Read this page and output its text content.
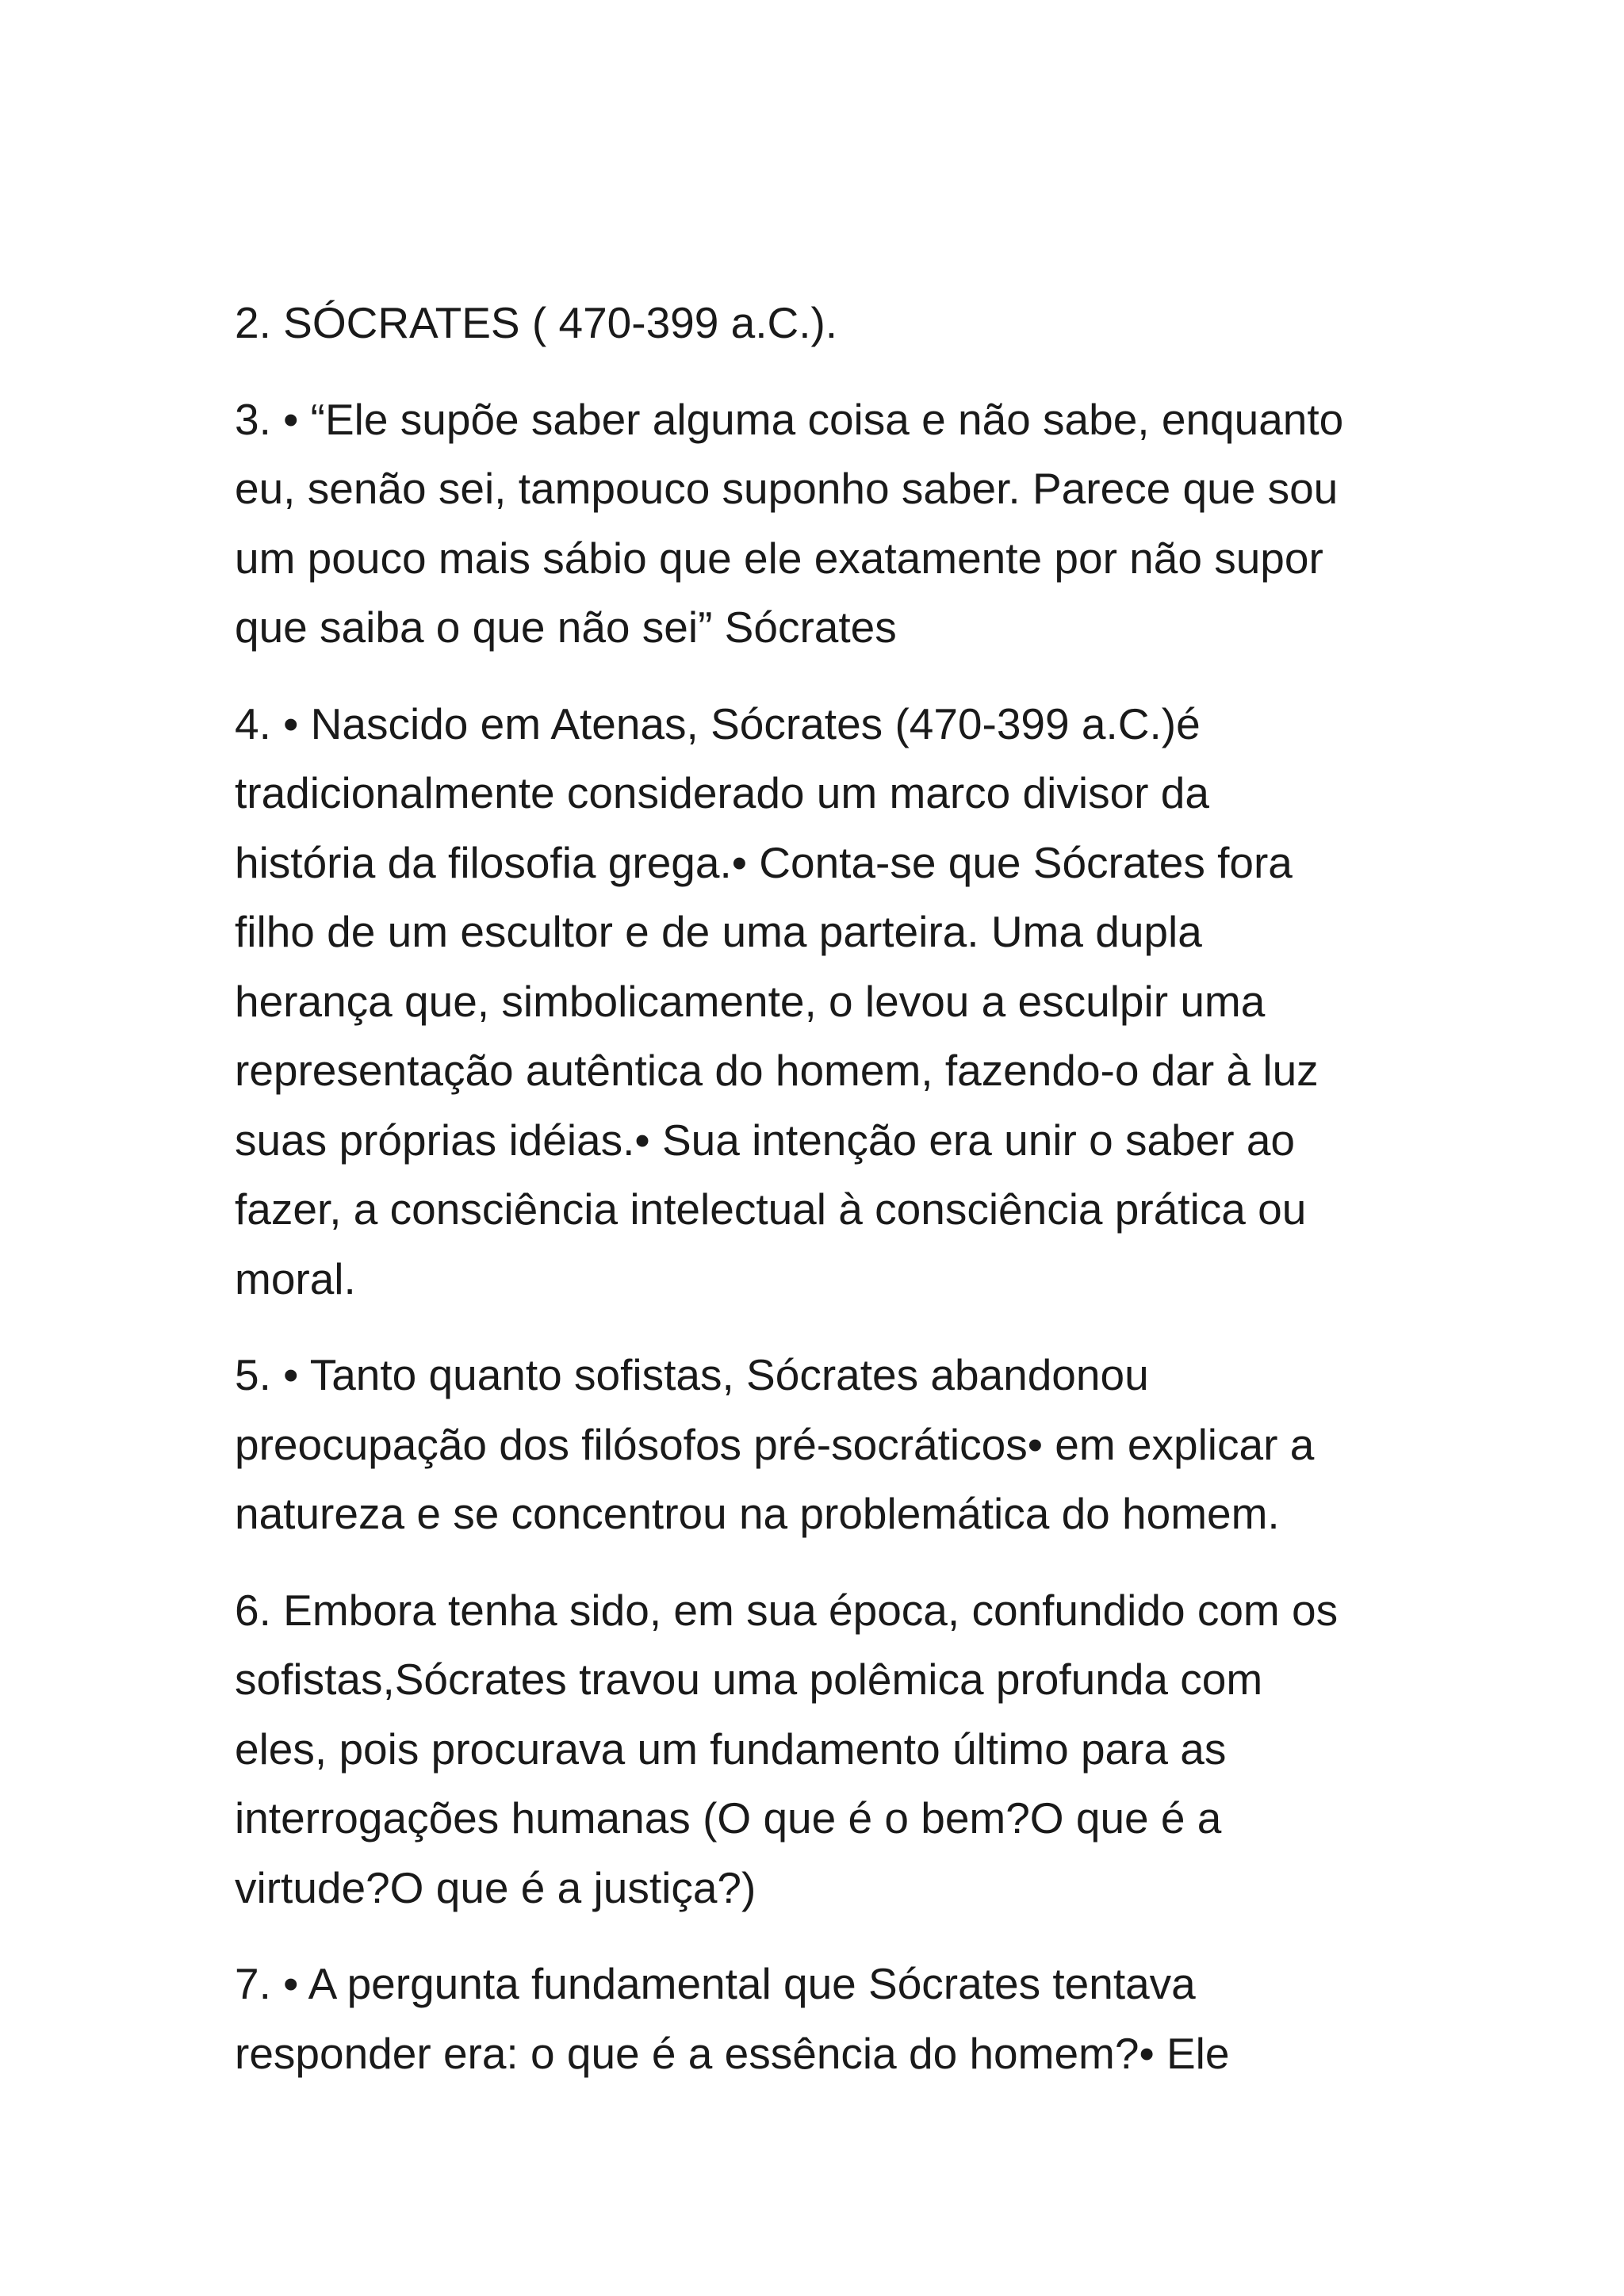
2. SÓCRATES ( 470-399 a.C.).

3. • “Ele supõe saber alguma coisa e não sabe, enquanto
eu, senão sei, tampouco suponho saber. Parece que sou
um pouco mais sábio que ele exatamente por não supor
que saiba o que não sei” Sócrates

4. • Nascido em Atenas, Sócrates (470-399 a.C.)é
tradicionalmente considerado um marco divisor da
história da filosofia grega.• Conta-se que Sócrates fora
filho de um escultor e de uma parteira. Uma dupla
herança que, simbolicamente, o levou a esculpir uma
representação autêntica do homem, fazendo-o dar à luz
suas próprias idéias.• Sua intenção era unir o saber ao
fazer, a consciência intelectual à consciência prática ou
moral.

5. • Tanto quanto sofistas, Sócrates abandonou
preocupação dos filósofos pré-socráticos• em explicar a
natureza e se concentrou na problemática do homem.

6. Embora tenha sido, em sua época, confundido com os
sofistas,Sócrates travou uma polêmica profunda com
eles, pois procurava um fundamento último para as
interrogações humanas (O que é o bem?O que é a
virtude?O que é a justiça?)

7. • A pergunta fundamental que Sócrates tentava
responder era: o que é a essência do homem?• Ele
